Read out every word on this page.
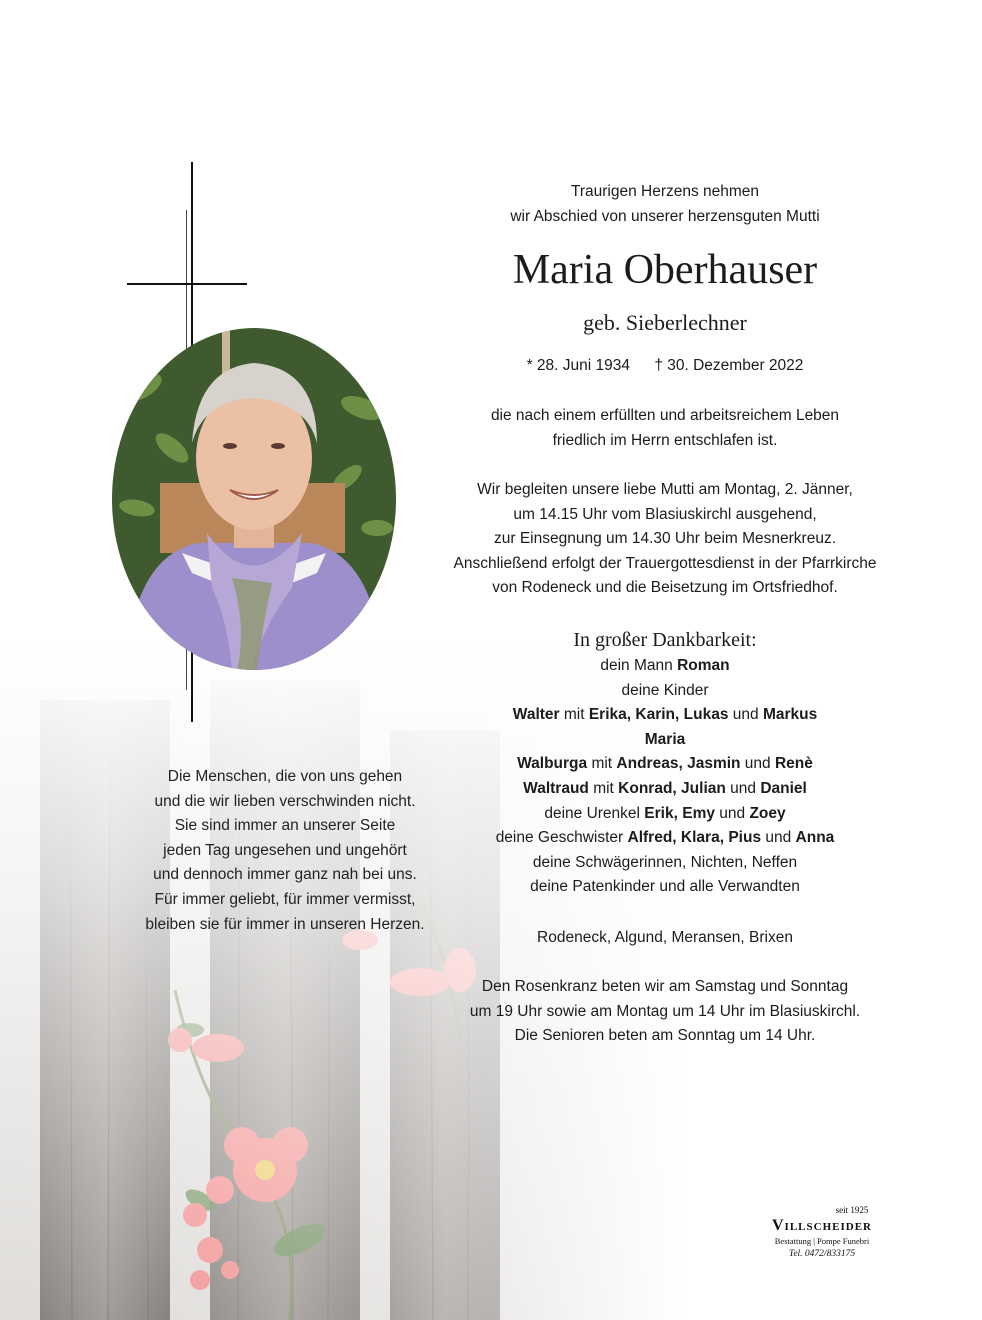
Die Menschen, die von uns gehen
und die wir lieben verschwinden nicht.
Sie sind immer an unserer Seite
jeden Tag ungesehen und ungehört
und dennoch immer ganz nah bei uns.
Für immer geliebt, für immer vermisst,
bleiben sie für immer in unseren Herzen.
Traurigen Herzens nehmen
wir Abschied von unserer herzensguten Mutti
Maria Oberhauser
geb. Sieberlechner
* 28. Juni 1934 † 30. Dezember 2022
die nach einem erfüllten und arbeitsreichem Leben
friedlich im Herrn entschlafen ist.
Wir begleiten unsere liebe Mutti am Montag, 2. Jänner,
um 14.15 Uhr vom Blasiuskirchl ausgehend,
zur Einsegnung um 14.30 Uhr beim Mesnerkreuz.
Anschließend erfolgt der Trauergottesdienst in der Pfarrkirche
von Rodeneck und die Beisetzung im Ortsfriedhof.
In großer Dankbarkeit:
dein Mann Roman
deine Kinder
Walter mit Erika, Karin, Lukas und Markus
Maria
Walburga mit Andreas, Jasmin und Renè
Waltraud mit Konrad, Julian und Daniel
deine Urenkel Erik, Emy und Zoey
deine Geschwister Alfred, Klara, Pius und Anna
deine Schwägerinnen, Nichten, Neffen
deine Patenkinder und alle Verwandten
Rodeneck, Algund, Meransen, Brixen
Den Rosenkranz beten wir am Samstag und Sonntag
um 19 Uhr sowie am Montag um 14 Uhr im Blasiuskirchl.
Die Senioren beten am Sonntag um 14 Uhr.
seit 1925
Villscheider
Bestattung | Pompe Funebri
Tel. 0472/833175
